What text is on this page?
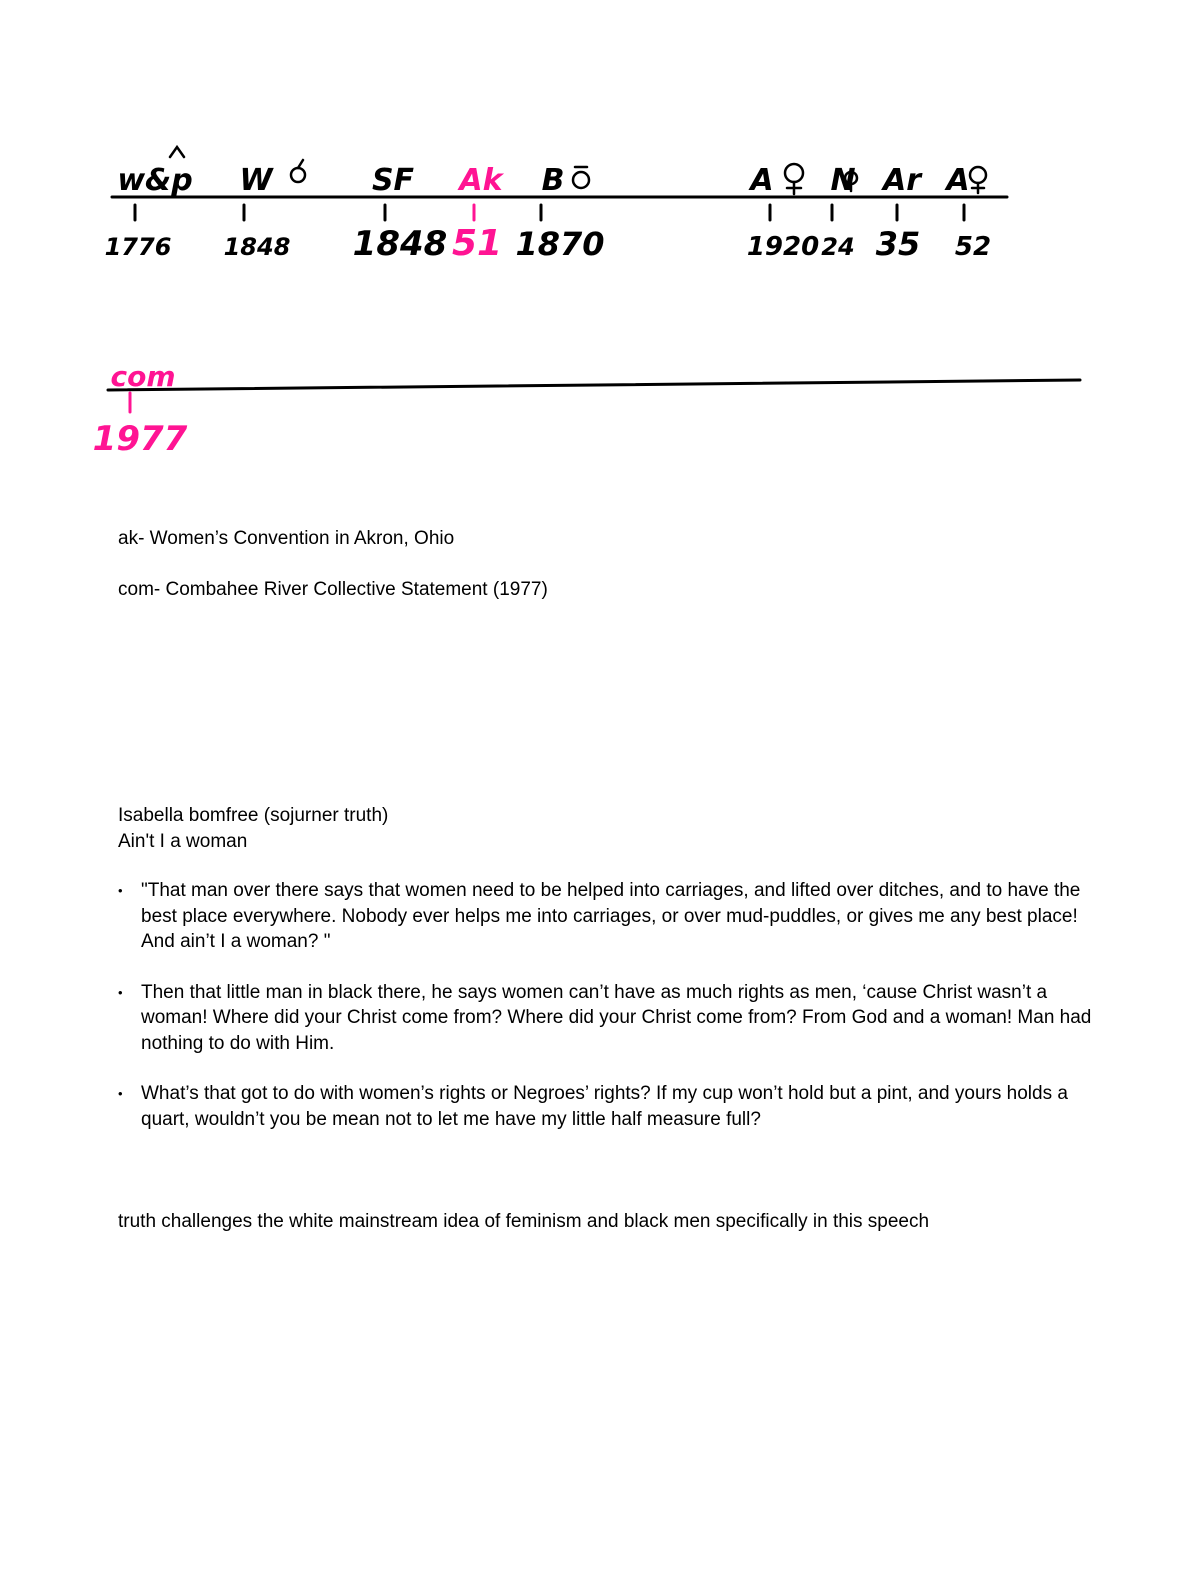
w&p W	SF Ak B	A N Ar A
1776 1848 1848 51 1870	1920 24 35 52
com
1977

ak- Women’s Convention in Akron, Ohio

com- Combahee River Collective Statement (1977)

Isabella bomfree (sojurner truth)

Ain't I a woman

• "That man over there says that women need to be helped into carriages, and lifted over ditches, and to have the best place everywhere. Nobody ever helps me into carriages, or over mud-puddles, or gives me any best place! And ain’t I a woman? "
• Then that little man in black there, he says women can’t have as much rights as men, ‘cause Christ wasn’t a woman! Where did your Christ come from? Where did your Christ come from? From God and a woman! Man had nothing to do with Him.
• What’s that got to do with women’s rights or Negroes’ rights? If my cup won’t hold but a pint, and yours holds a quart, wouldn’t you be mean not to let me have my little half measure full?

truth challenges the white mainstream idea of feminism and black men specifically in this speech
